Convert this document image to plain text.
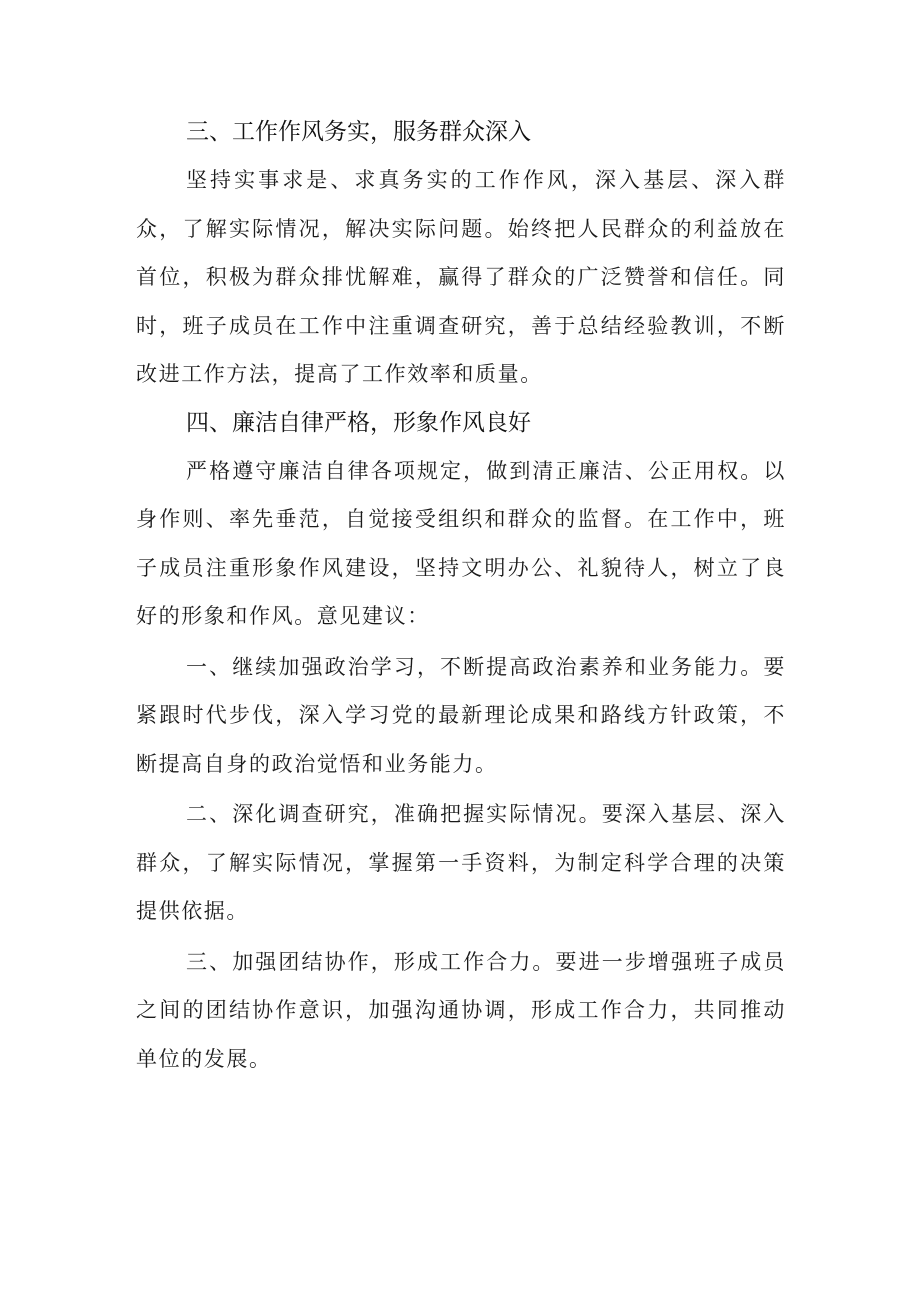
三、工作作风务实，服务群众深入

坚持实事求是、求真务实的工作作风，深入基层、深入群众，了解实际情况，解决实际问题。始终把人民群众的利益放在首位，积极为群众排忧解难，赢得了群众的广泛赞誉和信任。同时，班子成员在工作中注重调查研究，善于总结经验教训，不断改进工作方法，提高了工作效率和质量。

四、廉洁自律严格，形象作风良好

严格遵守廉洁自律各项规定，做到清正廉洁、公正用权。以身作则、率先垂范，自觉接受组织和群众的监督。在工作中，班子成员注重形象作风建设，坚持文明办公、礼貌待人，树立了良好的形象和作风。意见建议：

一、继续加强政治学习，不断提高政治素养和业务能力。要紧跟时代步伐，深入学习党的最新理论成果和路线方针政策，不断提高自身的政治觉悟和业务能力。

二、深化调查研究，准确把握实际情况。要深入基层、深入群众，了解实际情况，掌握第一手资料，为制定科学合理的决策提供依据。

三、加强团结协作，形成工作合力。要进一步增强班子成员之间的团结协作意识，加强沟通协调，形成工作合力，共同推动单位的发展。
